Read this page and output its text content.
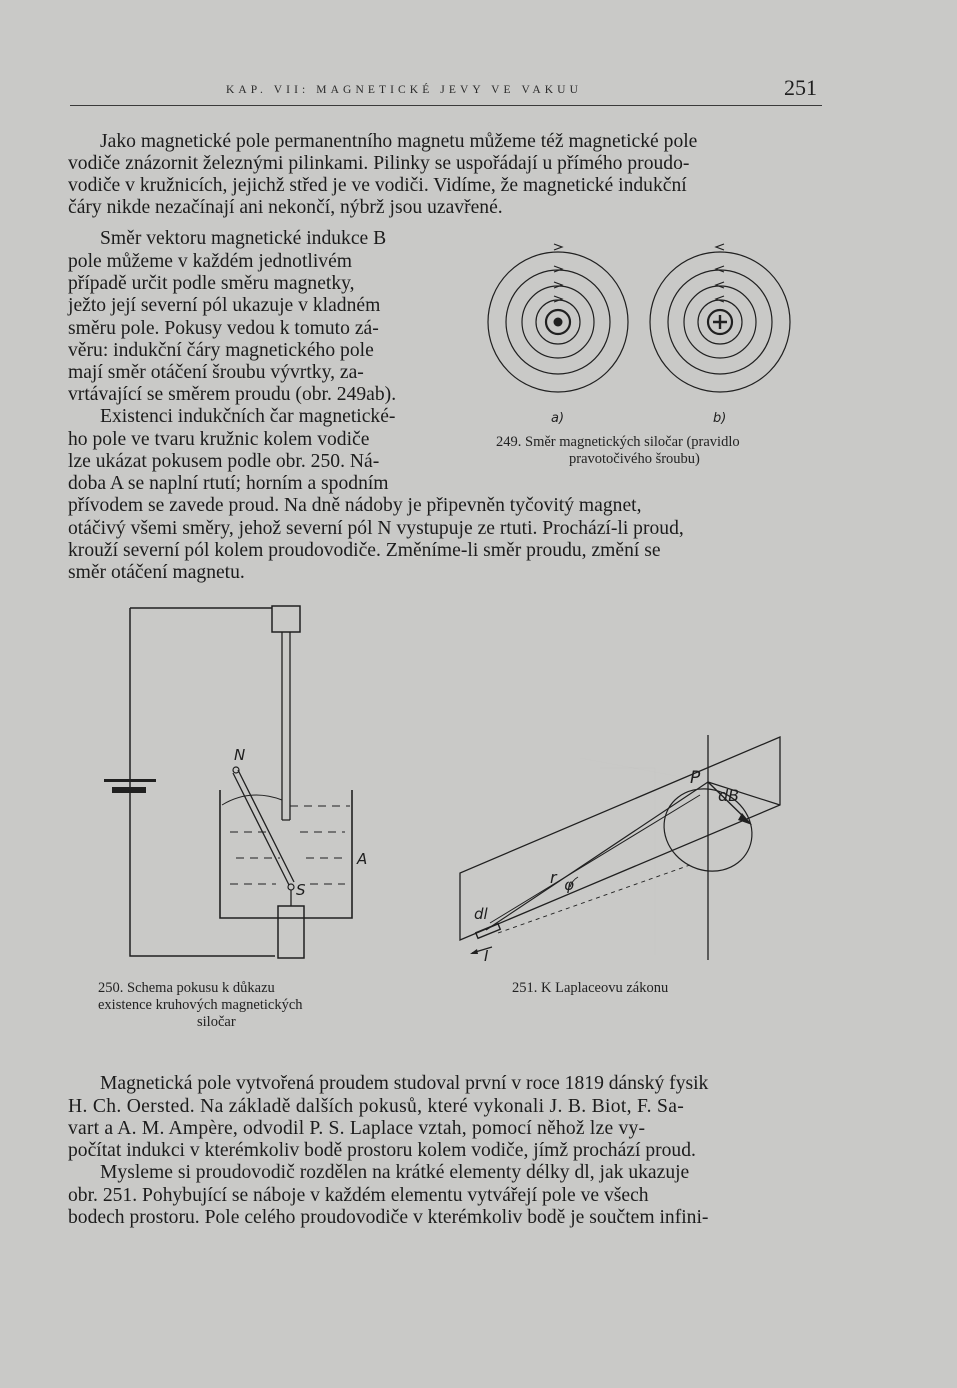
KAP. VII: MAGNETICKÉ JEVY VE VAKUU	251
Jako magnetické pole permanentního magnetu můžeme též magnetické pole
vodiče znázornit železnými pilinkami. Pilinky se uspořádají u přímého proudo-
vodiče v kružnicích, jejichž střed je ve vodiči. Vidíme, že magnetické indukční
čáry nikde nezačínají ani nekončí, nýbrž jsou uzavřené.
Směr vektoru magnetické indukce B
pole můžeme v každém jednotlivém
případě určit podle směru magnetky,
ježto její severní pól ukazuje v kladném
směru pole. Pokusy vedou k tomuto zá-
věru: indukční čáry magnetického pole
mají směr otáčení šroubu vývrtky, za-
vrtávající se směrem proudu (obr. 249ab).
Existenci indukčních čar magnetické-
ho pole ve tvaru kružnic kolem vodiče
lze ukázat pokusem podle obr. 250. Ná-
doba A se naplní rtutí; horním a spodním
přívodem se zavede proud. Na dně nádoby je připevněn tyčovitý magnet,
otáčivý všemi směry, jehož severní pól N vystupuje ze rtuti. Prochází-li proud,
krouží severní pól kolem proudovodiče. Změníme-li směr proudu, změní se
směr otáčení magnetu.
a)	b)
249. Směr magnetických siločar (pravidlo
pravotočivého šroubu)
N
S
A
250. Schema pokusu k důkazu
existence kruhových magnetických
siločar
P
dB
r φ
dl
I
251. K Laplaceovu zákonu
Magnetická pole vytvořená proudem studoval první v roce 1819 dánský fysik
H. Ch. Oersted. Na základě dalších pokusů, které vykonali J. B. Biot, F. Sa-
vart a A. M. Ampère, odvodil P. S. Laplace vztah, pomocí něhož lze vy-
počítat indukci v kterémkoliv bodě prostoru kolem vodiče, jímž prochází proud.
Mysleme si proudovodič rozdělen na krátké elementy délky dl, jak ukazuje
obr. 251. Pohybující se náboje v každém elementu vytvářejí pole ve všech
bodech prostoru. Pole celého proudovodiče v kterémkoliv bodě je součtem infini-
